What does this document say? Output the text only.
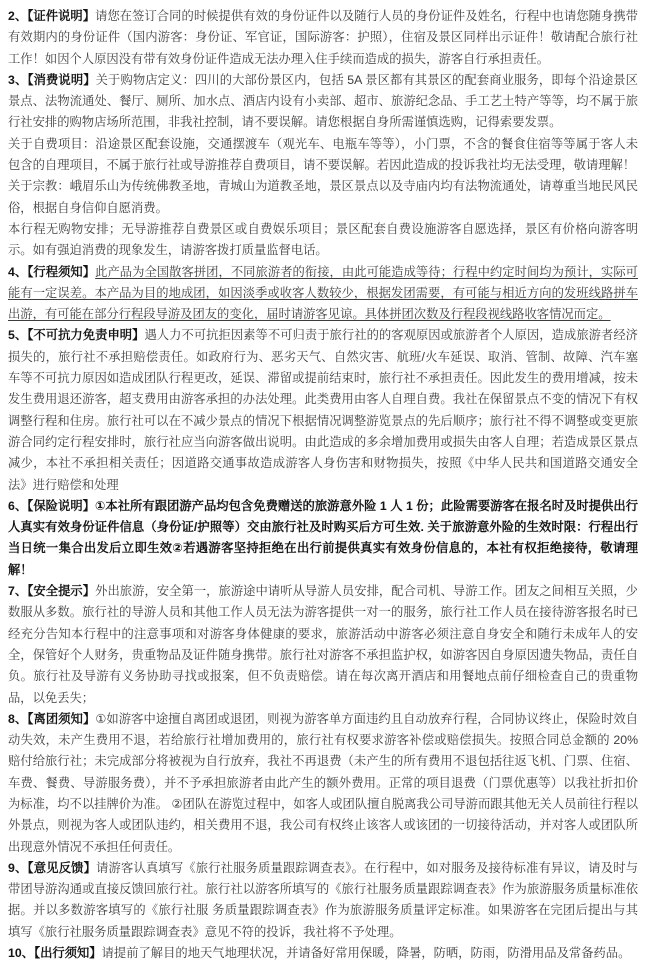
2、【证件说明】请您在签订合同的时候提供有效的身份证件以及随行人员的身份证件及姓名，行程中也请您随身携带有效期内的身份证件（国内游客：身份证、军官证，国际游客：护照），住宿及景区同样出示证件！敬请配合旅行社工作！如因个人原因没有带有效身份证件造成无法办理入住手续而造成的损失，游客自行承担责任。

3、【消费说明】关于购物店定义：四川的大部份景区内，包括 5A 景区都有其景区的配套商业服务，即每个沿途景区景点、法物流通处、餐厅、厕所、加水点、酒店内设有小卖部、超市、旅游纪念品、手工艺土特产等等，均不属于旅行社安排的购物店场所范围，非我社控制，请不要误解。请您根据自身所需谨慎选购，记得索要发票。

关于自费项目：沿途景区配套设施，交通摆渡车（观光车、电瓶车等等），小门票，不含的餐食住宿等等属于客人未包含的自理项目，不属于旅行社或导游推荐自费项目，请不要误解。若因此造成的投诉我社均无法受理，敬请理解！

关于宗教：峨眉乐山为传统佛教圣地，青城山为道教圣地，景区景点以及寺庙内均有法物流通处，请尊重当地民风民俗，根据自身信仰自愿消费。

本行程无购物安排；无导游推荐自费景区或自费娱乐项目；景区配套自费设施游客自愿选择，景区有价格向游客明示。如有强迫消费的现象发生，请游客拨打质量监督电话。

4、【行程须知】此产品为全国散客拼团，不同旅游者的衔接，由此可能造成等待；行程中约定时间均为预计，实际可能有一定误差。本产品为目的地成团，如因淡季或收客人数较少，根据发团需要，有可能与相近方向的发班线路拼车出游，有可能在部分行程段导游及团友的变化，届时请游客见谅。具体拼团次数及行程段视线路收客情况而定。

5、【不可抗力免责申明】遇人力不可抗拒因素等不可归责于旅行社的的客观原因或旅游者个人原因，造成旅游者经济损失的，旅行社不承担赔偿责任。如政府行为、恶劣天气、自然灾害、航班/火车延误、取消、管制、故障、汽车塞车等不可抗力原因如造成团队行程更改，延误、滞留或提前结束时，旅行社不承担责任。因此发生的费用增减，按未发生费用退还游客，超支费用由游客承担的办法处理。此类费用由客人自理自费。我社在保留景点不变的情况下有权调整行程和住房。旅行社可以在不减少景点的情况下根据情况调整游览景点的先后顺序；旅行社不得不调整或变更旅游合同约定行程安排时，旅行社应当向游客做出说明。由此造成的多余增加费用或损失由客人自理；若造成景区景点减少，本社不承担相关责任；因道路交通事故造成游客人身伤害和财物损失，按照《中华人民共和国道路交通安全法》进行赔偿和处理

6、【保险说明】①本社所有跟团游产品均包含免费赠送的旅游意外险 1 人 1 份；此险需要游客在报名时及时提供出行人真实有效身份证件信息（身份证/护照等）交由旅行社及时购买后方可生效. 关于旅游意外险的生效时限：行程出行当日统一集合出发后立即生效②若遇游客坚持拒绝在出行前提供真实有效身份信息的，本社有权拒绝接待，敬请理解！

7、【安全提示】外出旅游，安全第一，旅游途中请听从导游人员安排，配合司机、导游工作。团友之间相互关照，少数服从多数。旅行社的导游人员和其他工作人员无法为游客提供一对一的服务，旅行社工作人员在接待游客报名时已经充分告知本行程中的注意事项和对游客身体健康的要求，旅游活动中游客必须注意自身安全和随行未成年人的安全，保管好个人财务，贵重物品及证件随身携带。旅行社对游客不承担监护权，如游客因自身原因遗失物品，责任自负。旅行社及导游有义务协助寻找或报案，但不负责赔偿。请在每次离开酒店和用餐地点前仔细检查自己的贵重物品，以免丢失；

8、【离团须知】①如游客中途擅自离团或退团，则视为游客单方面违约且自动放弃行程，合同协议终止，保险时效自动失效，未产生费用不退，若给旅行社增加费用的，旅行社有权要求游客补偿或赔偿损失。按照合同总金额的 20%赔付给旅行社；未完成部分将被视为自行放弃，我社不再退费（未产生的所有费用不退包括往返飞机、门票、住宿、车费、餐费、导游服务费），并不予承担旅游者由此产生的额外费用。正常的项目退费（门票优惠等）以我社折扣价为标准，均不以挂牌价为准。 ②团队在游览过程中，如客人或团队擅自脱离我公司导游而跟其他无关人员前往行程以外景点，则视为客人或团队违约，相关费用不退，我公司有权终止该客人或该团的一切接待活动，并对客人或团队所出现意外情况不承担任何责任。

9、【意见反馈】请游客认真填写《旅行社服务质量跟踪调查表》。在行程中，如对服务及接待标准有异议，请及时与带团导游沟通或直接反馈回旅行社。旅行社以游客所填写的《旅行社服务质量跟踪调查表》作为旅游服务质量标准依据。并以多数游客填写的《旅行社服 务质量跟踪调查表》作为旅游服务质量评定标准。如果游客在完团后提出与其填写《旅行社服务质量跟踪调查表》意见不符的投诉，我社将不予处理。

10、【出行须知】请提前了解目的地天气地理状况，并请备好常用保暖，降暑，防晒，防雨，防滑用品及常备药品。
